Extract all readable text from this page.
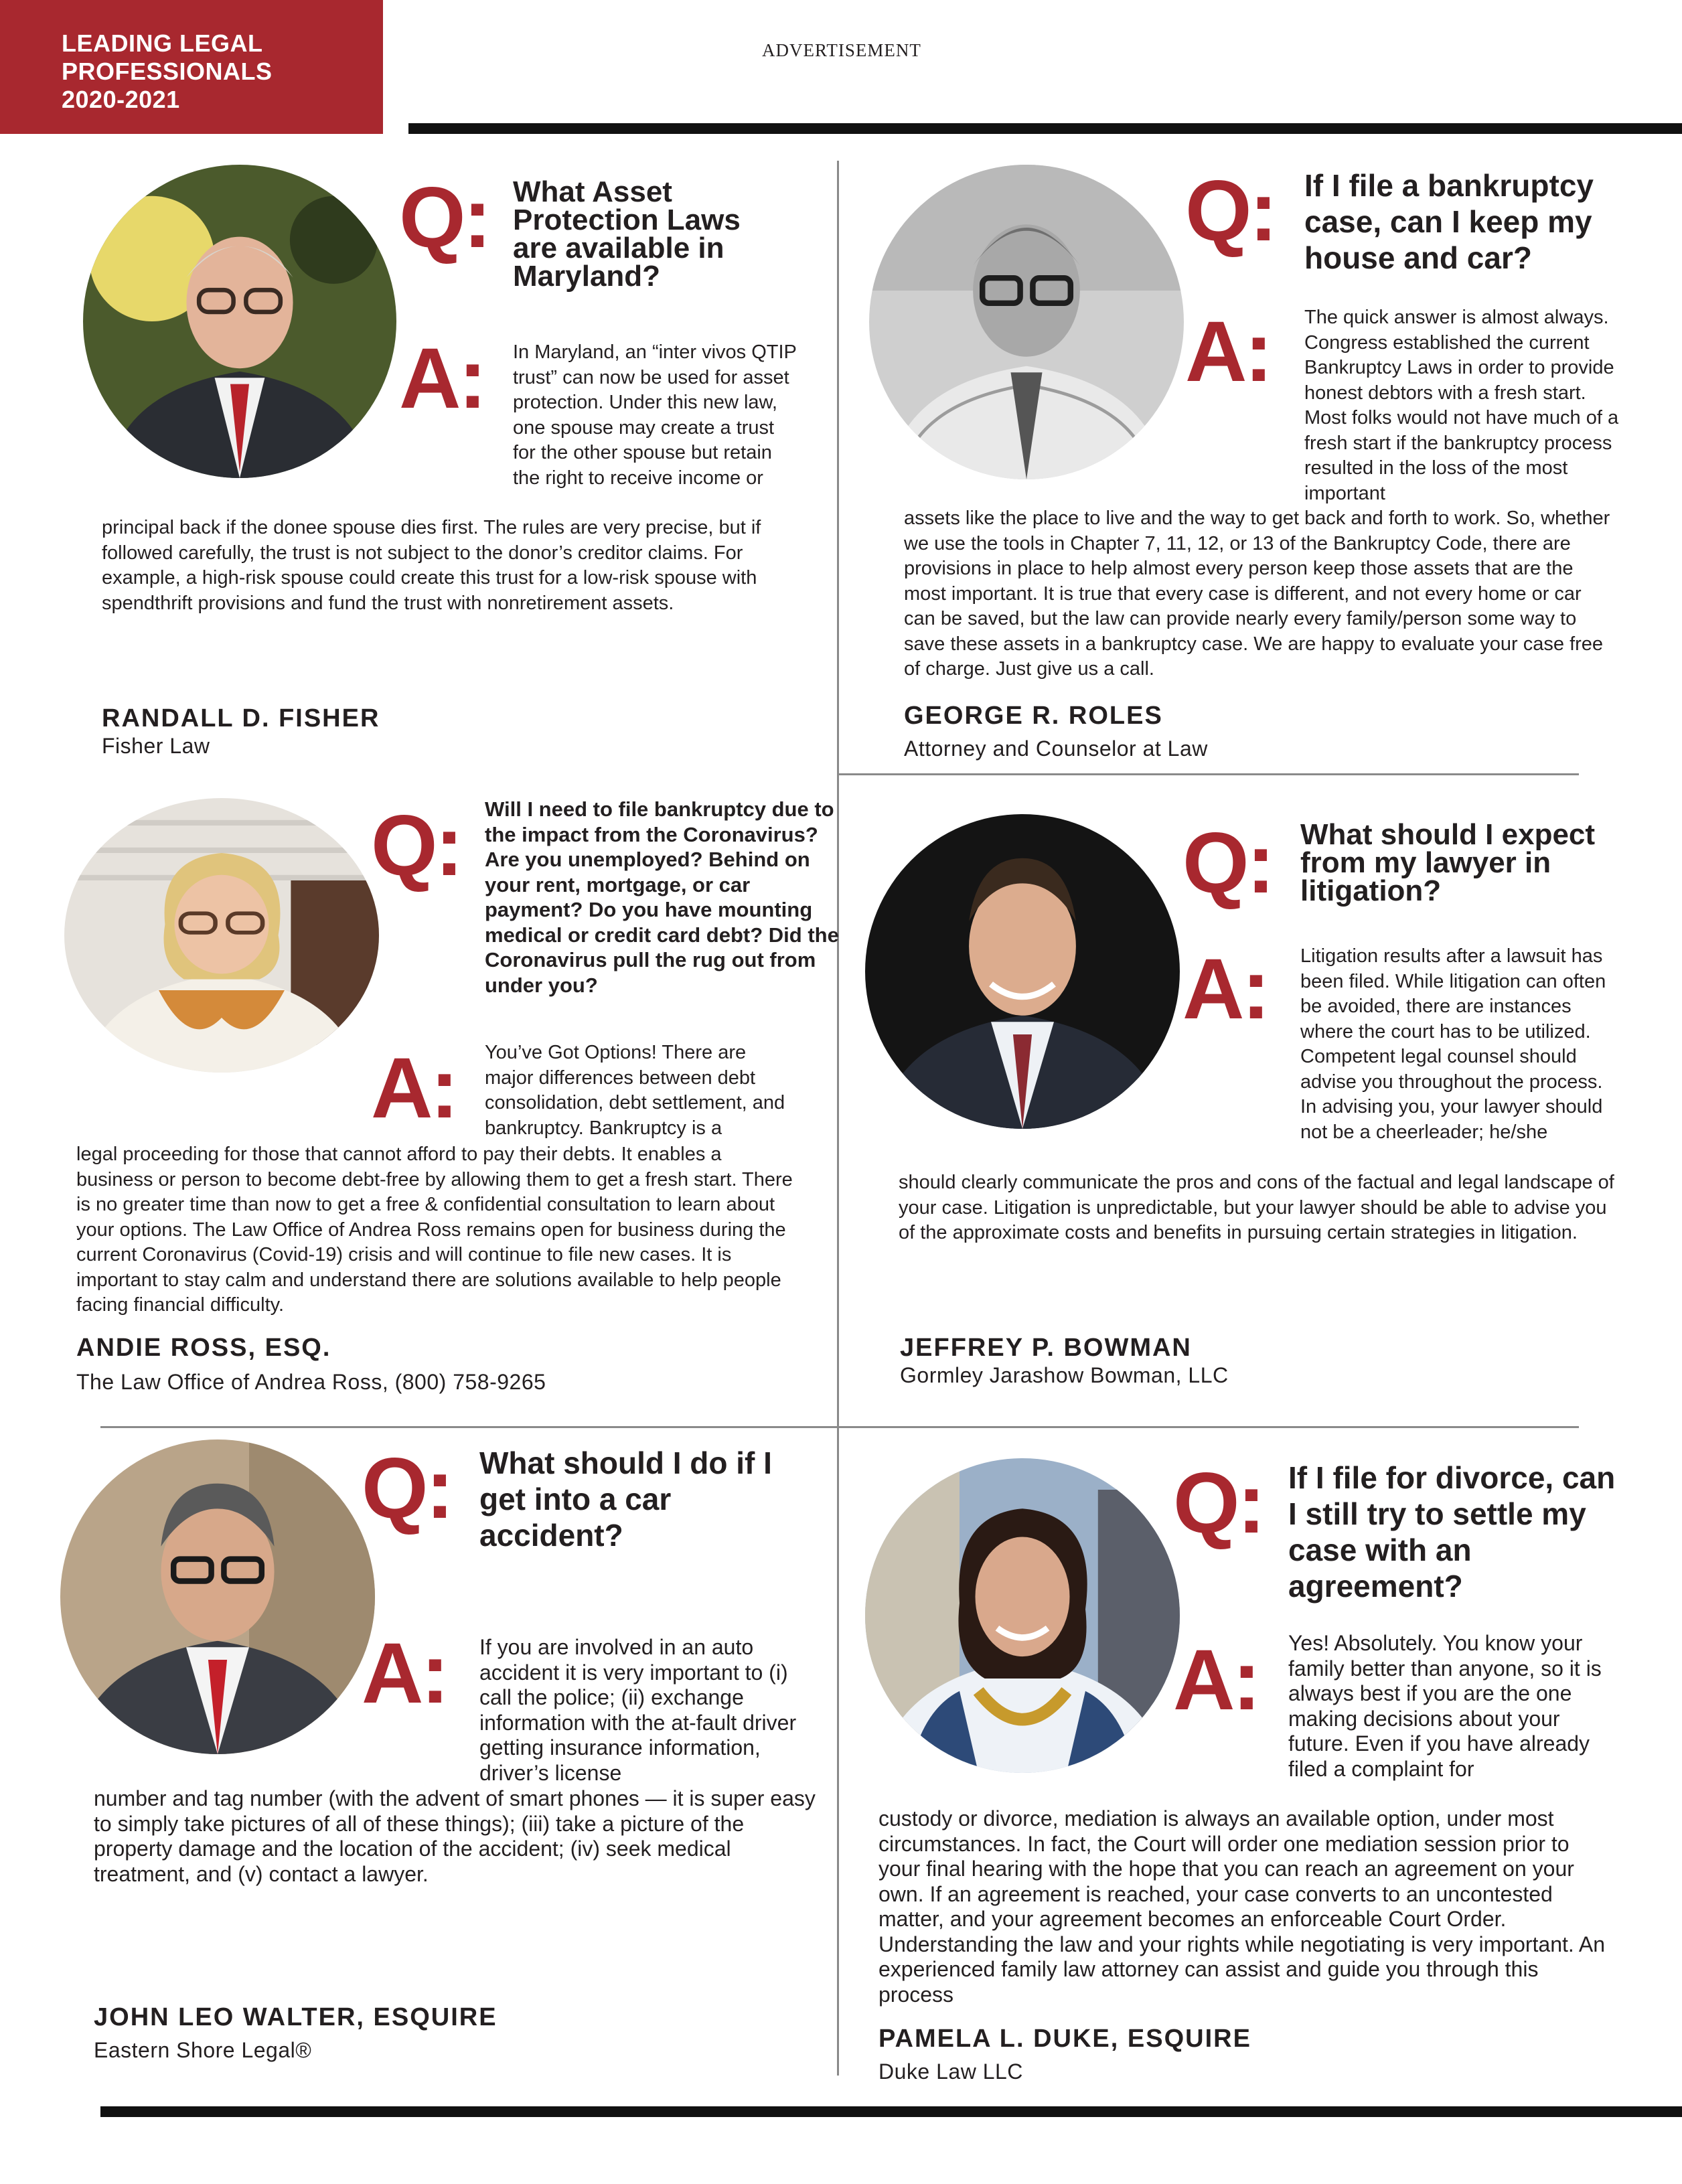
LEADING LEGAL
PROFESSIONALS
2020-2021
ADVERTISEMENT
Q: What Asset Protection Laws are available in Maryland?
A: In Maryland, an “inter vivos QTIP trust” can now be used for asset protection. Under this new law, one spouse may create a trust for the other spouse but retain the right to receive income or
principal back if the donee spouse dies first. The rules are very precise, but if followed carefully, the trust is not subject to the donor’s creditor claims. For example, a high-risk spouse could create this trust for a low-risk spouse with spendthrift provisions and fund the trust with nonretirement assets.
RANDALL D. FISHER
Fisher Law
Q: If I file a bankruptcy case, can I keep my house and car?
A: The quick answer is almost always. Congress established the current Bankruptcy Laws in order to provide honest debtors with a fresh start. Most folks would not have much of a fresh start if the bankruptcy process resulted in the loss of the most important
assets like the place to live and the way to get back and forth to work. So, whether we use the tools in Chapter 7, 11, 12, or 13 of the Bankruptcy Code, there are provisions in place to help almost every person keep those assets that are the most important. It is true that every case is different, and not every home or car can be saved, but the law can provide nearly every family/person some way to save these assets in a bankruptcy case. We are happy to evaluate your case free of charge. Just give us a call.
GEORGE R. ROLES
Attorney and Counselor at Law
Q: Will I need to file bankruptcy due to the impact from the Coronavirus? Are you unemployed? Behind on your rent, mortgage, or car payment? Do you have mounting medical or credit card debt? Did the Coronavirus pull the rug out from under you?
A: You’ve Got Options! There are major differences between debt consolidation, debt settlement, and bankruptcy. Bankruptcy is a
legal proceeding for those that cannot afford to pay their debts. It enables a business or person to become debt-free by allowing them to get a fresh start. There is no greater time than now to get a free & confidential consultation to learn about your options. The Law Office of Andrea Ross remains open for business during the current Coronavirus (Covid-19) crisis and will continue to file new cases. It is important to stay calm and understand there are solutions available to help people facing financial difficulty.
ANDIE ROSS, ESQ.
The Law Office of Andrea Ross, (800) 758-9265
Q: What should I expect from my lawyer in litigation?
A: Litigation results after a lawsuit has been filed. While litigation can often be avoided, there are instances where the court has to be utilized. Competent legal counsel should advise you throughout the process. In advising you, your lawyer should not be a cheerleader; he/she
should clearly communicate the pros and cons of the factual and legal landscape of your case. Litigation is unpredictable, but your lawyer should be able to advise you of the approximate costs and benefits in pursuing certain strategies in litigation.
JEFFREY P. BOWMAN
Gormley Jarashow Bowman, LLC
Q: What should I do if I get into a car accident?
A: If you are involved in an auto accident it is very important to (i) call the police; (ii) exchange information with the at-fault driver getting insurance information, driver’s license
number and tag number (with the advent of smart phones — it is super easy to simply take pictures of all of these things); (iii) take a picture of the property damage and the location of the accident; (iv) seek medical treatment, and (v) contact a lawyer.
JOHN LEO WALTER, ESQUIRE
Eastern Shore Legal®
Q: If I file for divorce, can I still try to settle my case with an agreement?
A: Yes! Absolutely. You know your family better than anyone, so it is always best if you are the one making decisions about your future. Even if you have already filed a complaint for
custody or divorce, mediation is always an available option, under most circumstances. In fact, the Court will order one mediation session prior to your final hearing with the hope that you can reach an agreement on your own. If an agreement is reached, your case converts to an uncontested matter, and your agreement becomes an enforceable Court Order. Understanding the law and your rights while negotiating is very important. An experienced family law attorney can assist and guide you through this process
PAMELA L. DUKE, ESQUIRE
Duke Law LLC
